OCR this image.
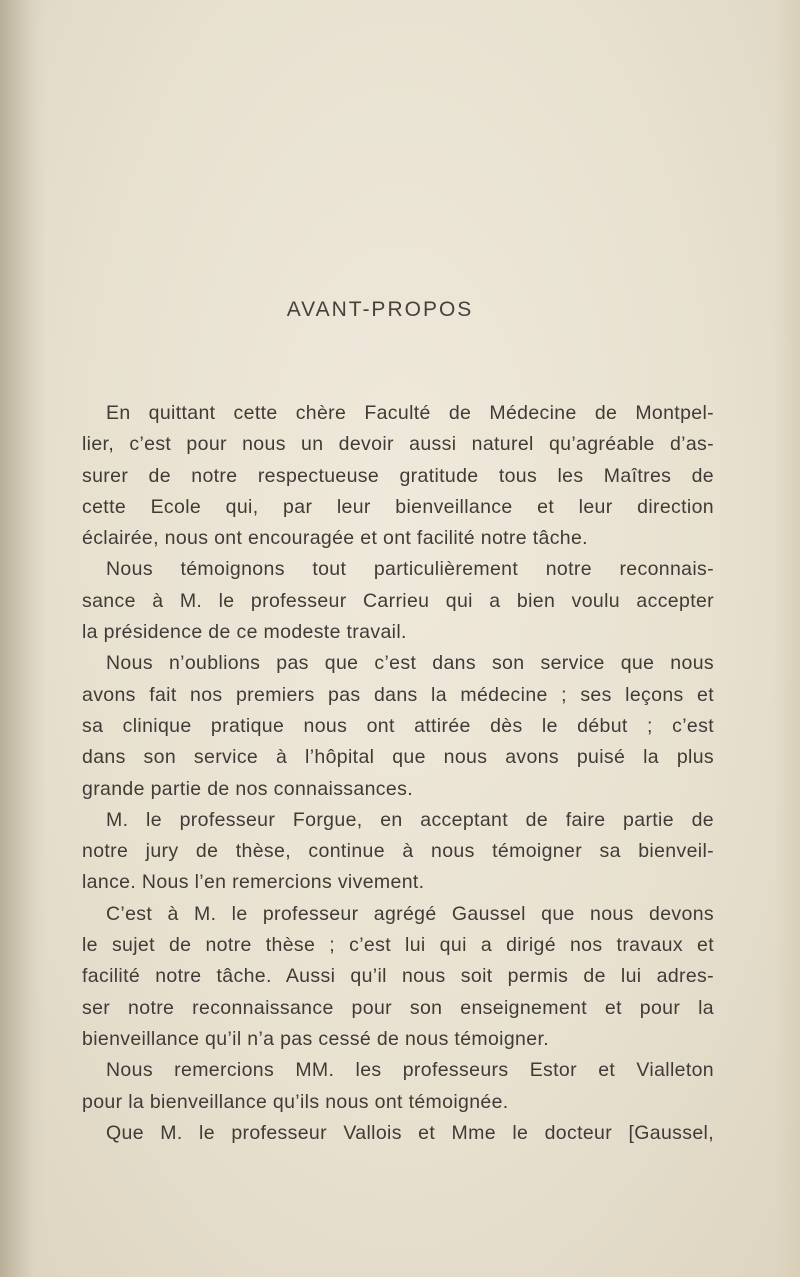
AVANT-PROPOS
En quittant cette chère Faculté de Médecine de Montpel-
lier, c’est pour nous un devoir aussi naturel qu’agréable d’as-
surer de notre respectueuse gratitude tous les Maîtres de
cette Ecole qui, par leur bienveillance et leur direction
éclairée, nous ont encouragée et ont facilité notre tâche.
Nous témoignons tout particulièrement notre reconnais-
sance à M. le professeur Carrieu qui a bien voulu accepter
la présidence de ce modeste travail.
Nous n’oublions pas que c’est dans son service que nous
avons fait nos premiers pas dans la médecine ; ses leçons et
sa clinique pratique nous ont attirée dès le début ; c’est
dans son service à l’hôpital que nous avons puisé la plus
grande partie de nos connaissances.
M. le professeur Forgue, en acceptant de faire partie de
notre jury de thèse, continue à nous témoigner sa bienveil-
lance. Nous l’en remercions vivement.
C’est à M. le professeur agrégé Gaussel que nous devons
le sujet de notre thèse ; c’est lui qui a dirigé nos travaux et
facilité notre tâche. Aussi qu’il nous soit permis de lui adres-
ser notre reconnaissance pour son enseignement et pour la
bienveillance qu’il n’a pas cessé de nous témoigner.
Nous remercions MM. les professeurs Estor et Vialleton
pour la bienveillance qu’ils nous ont témoignée.
Que M. le professeur Vallois et Mme le docteur [Gaussel,
